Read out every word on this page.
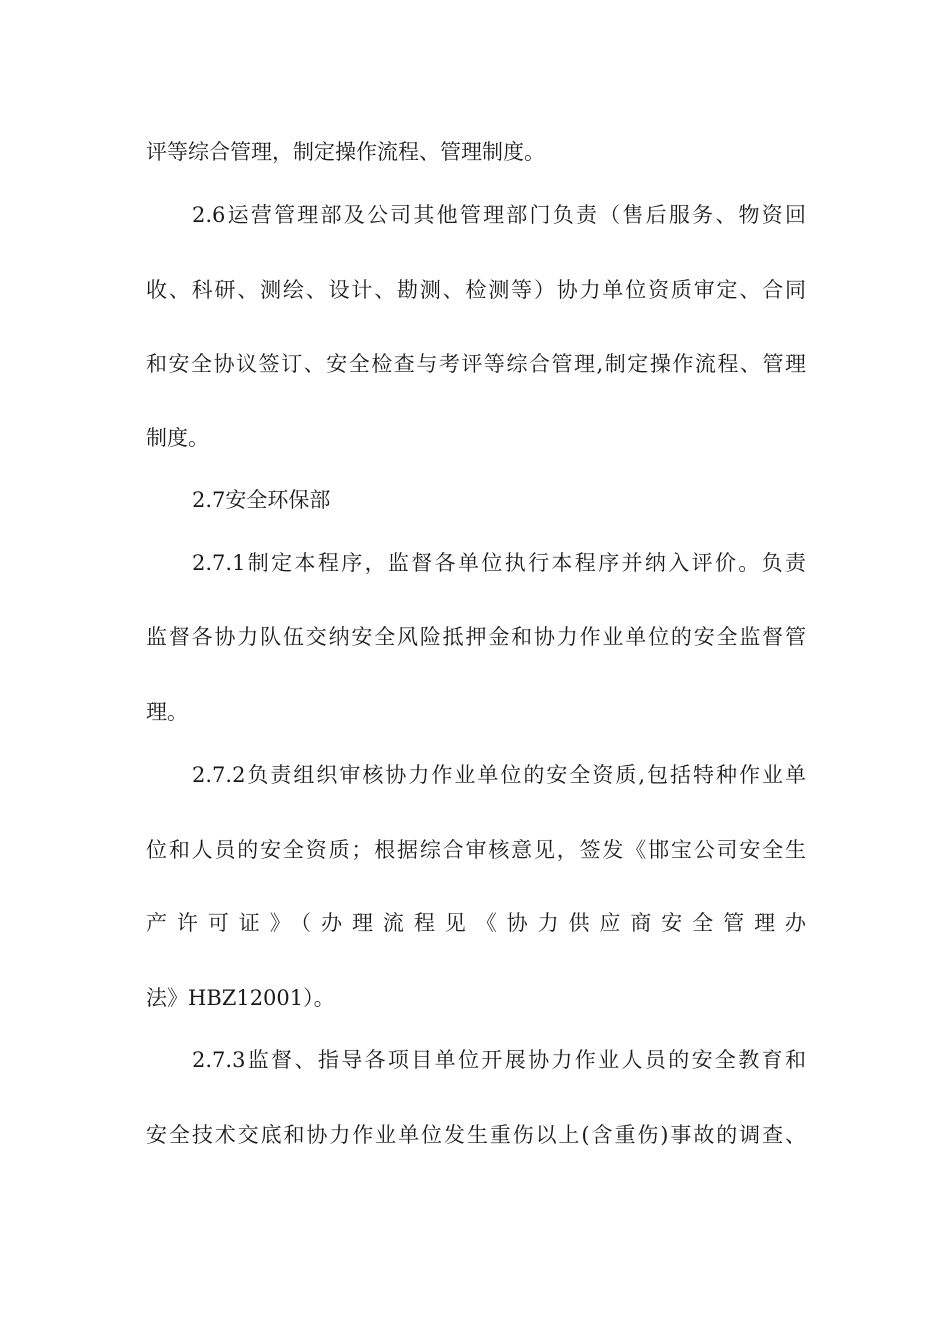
评等综合管理，制定操作流程、管理制度。
2.6运营管理部及公司其他管理部门负责（售后服务、物资回
收、科研、测绘、设计、勘测、检测等）协力单位资质审定、合同
和安全协议签订、安全检查与考评等综合管理,制定操作流程、管理
制度。
2.7安全环保部
2.7.1制定本程序，监督各单位执行本程序并纳入评价。负责
监督各协力队伍交纳安全风险抵押金和协力作业单位的安全监督管
理。
2.7.2负责组织审核协力作业单位的安全资质,包括特种作业单
位和人员的安全资质；根据综合审核意见，签发《邯宝公司安全生
产许可证》（办理流程见《协力供应商安全管理办
法》HBZ12001）。
2.7.3监督、指导各项目单位开展协力作业人员的安全教育和
安全技术交底和协力作业单位发生重伤以上(含重伤)事故的调查、
